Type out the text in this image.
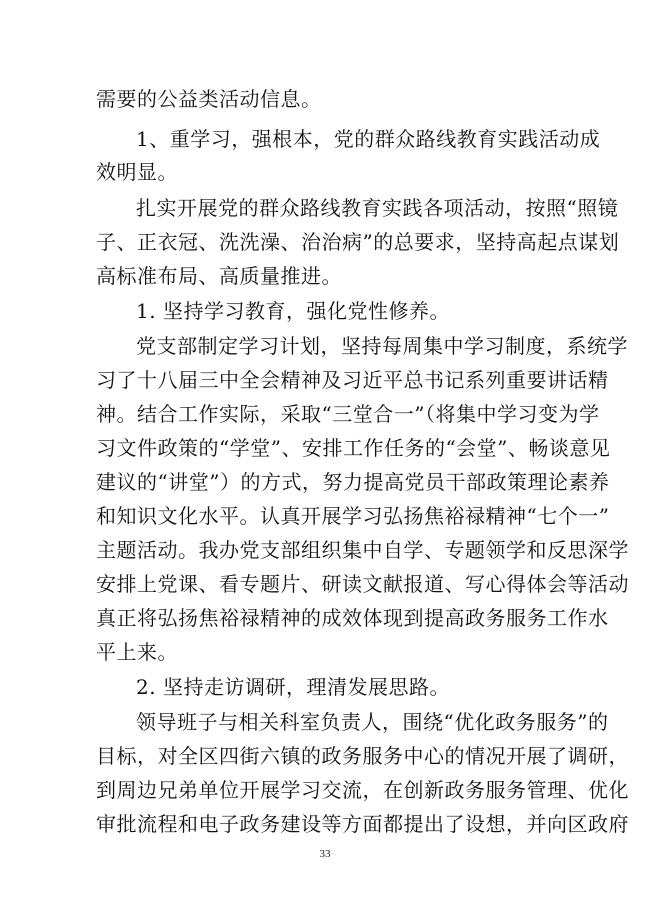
需要的公益类活动信息。
1、重学习，强根本，党的群众路线教育实践活动成
效明显。
扎实开展党的群众路线教育实践各项活动，按照“照镜
子、正衣冠、洗洗澡、治治病”的总要求，坚持高起点谋划
高标准布局、高质量推进。
1. 坚持学习教育，强化党性修养。
党支部制定学习计划，坚持每周集中学习制度，系统学
习了十八届三中全会精神及习近平总书记系列重要讲话精
神。结合工作实际，采取“三堂合一”（将集中学习变为学
习文件政策的“学堂”、安排工作任务的“会堂”、畅谈意见
建议的“讲堂”）的方式，努力提高党员干部政策理论素养
和知识文化水平。认真开展学习弘扬焦裕禄精神“七个一”
主题活动。我办党支部组织集中自学、专题领学和反思深学
安排上党课、看专题片、研读文献报道、写心得体会等活动
真正将弘扬焦裕禄精神的成效体现到提高政务服务工作水
平上来。
2. 坚持走访调研，理清发展思路。
领导班子与相关科室负责人，围绕“优化政务服务”的
目标，对全区四街六镇的政务服务中心的情况开展了调研，
到周边兄弟单位开展学习交流，在创新政务服务管理、优化
审批流程和电子政务建设等方面都提出了设想，并向区政府
33
